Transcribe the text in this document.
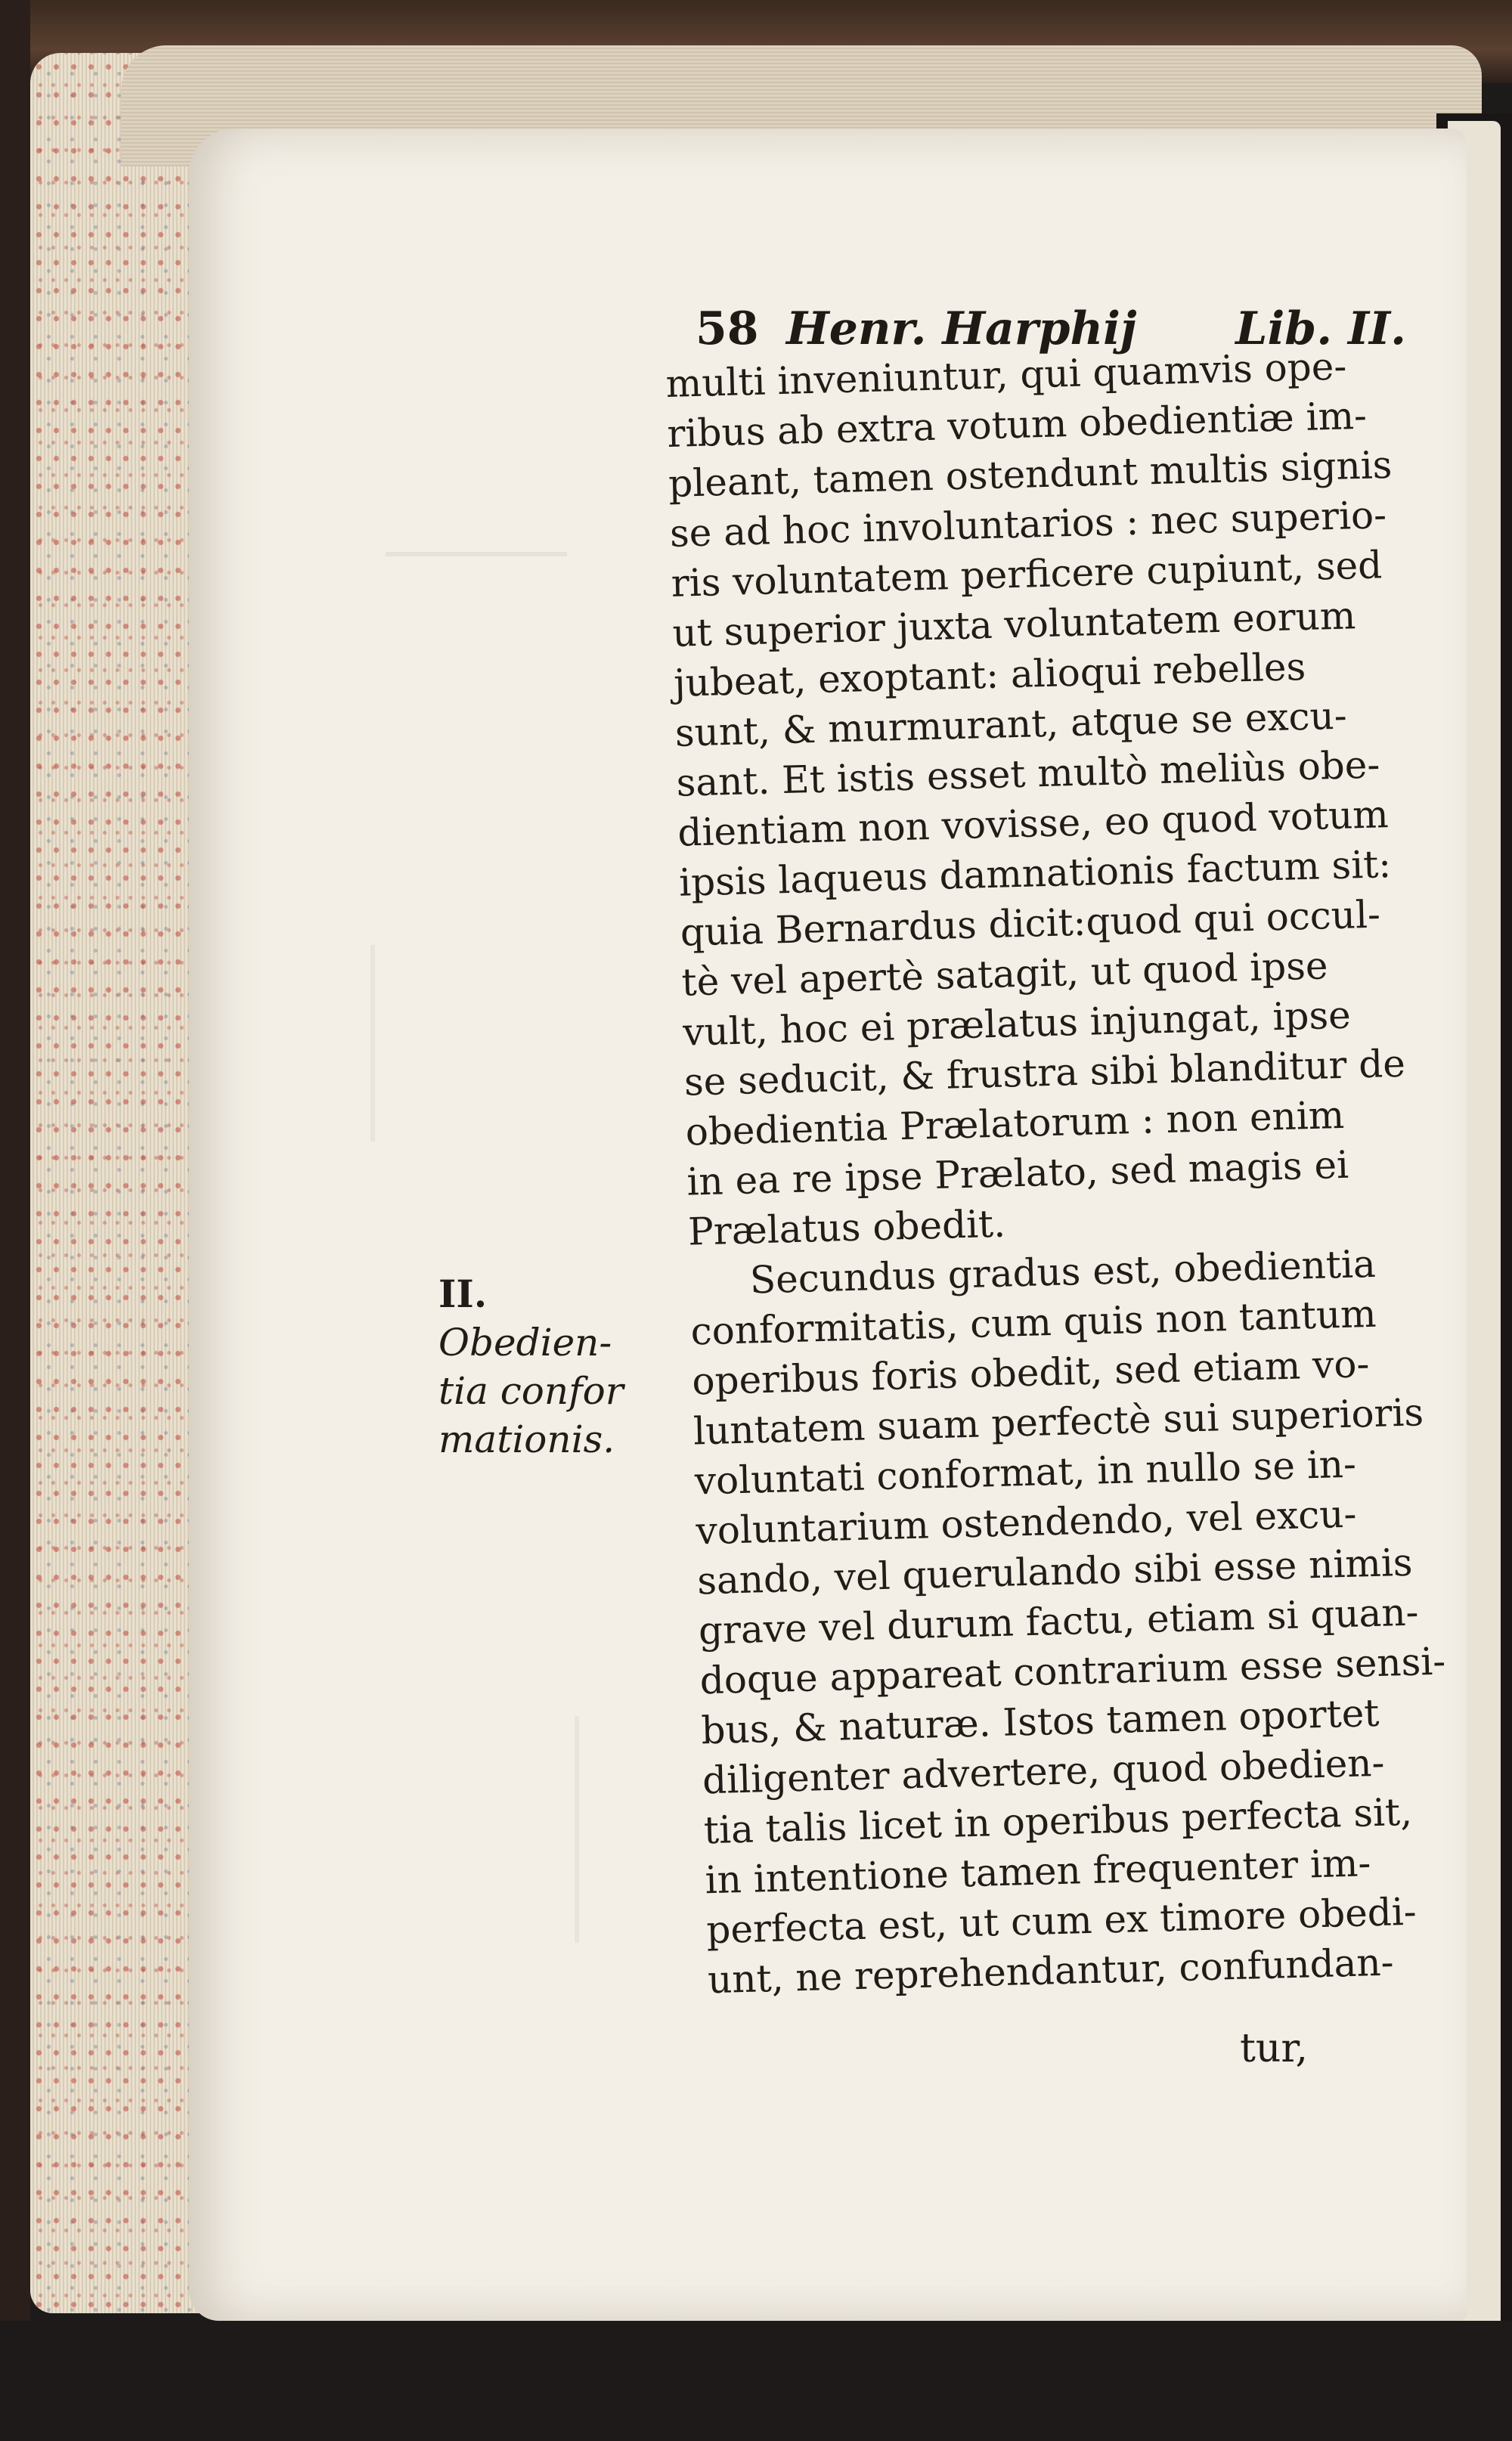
58 Henr. Harphij	Lib. II.
multi inveniuntur, qui quamvis ope-
ribus ab extra votum obedientiæ im-
pleant, tamen ostendunt multis signis
se ad hoc involuntarios : nec superio-
ris voluntatem perficere cupiunt, sed
ut superior juxta voluntatem eorum
jubeat, exoptant: alioqui rebelles
sunt, & murmurant, atque se excu-
sant. Et istis esset multò meliùs obe-
dientiam non vovisse, eo quod votum
ipsis laqueus damnationis factum sit:
quia Bernardus dicit:quod qui occul-
tè vel apertè satagit, ut quod ipse
vult, hoc ei prælatus injungat, ipse
se seducit, & frustra sibi blanditur de
obedientia Prælatorum : non enim
in ea re ipse Prælato, sed magis ei
Prælatus obedit.
Secundus gradus est, obedientia
conformitatis, cum quis non tantum
operibus foris obedit, sed etiam vo-
luntatem suam perfectè sui superioris
voluntati conformat, in nullo se in-
voluntarium ostendendo, vel excu-
sando, vel querulando sibi esse nimis
grave vel durum factu, etiam si quan-
doque appareat contrarium esse sensi-
bus, & naturæ. Istos tamen oportet
diligenter advertere, quod obedien-
tia talis licet in operibus perfecta sit,
in intentione tamen frequenter im-
perfecta est, ut cum ex timore obedi-
unt, ne reprehendantur, confundan-
II.
Obedien-
tia confor
mationis.
tur,
